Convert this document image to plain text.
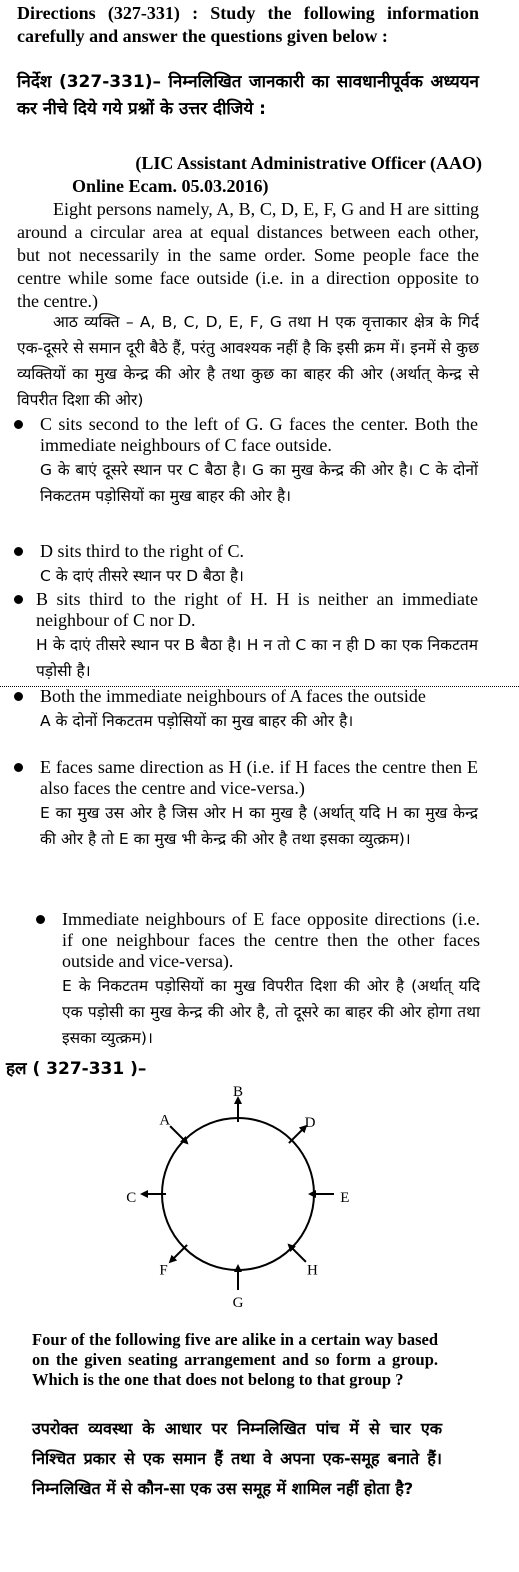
Directions (327-331) : Study the following information carefully and answer the questions given below :
निर्देश (327-331)– निम्नलिखित जानकारी का सावधानीपूर्वक अध्ययन कर नीचे दिये गये प्रश्नों के उत्तर दीजिये :
(LIC Assistant Administrative Officer (AAO)
Online Ecam. 05.03.2016)
Eight persons namely, A, B, C, D, E, F, G and H are sitting around a circular area at equal distances between each other, but not necessarily in the same order. Some people face the centre while some face outside (i.e. in a direction opposite to the centre.)
आठ व्यक्ति – A, B, C, D, E, F, G तथा H एक वृत्ताकार क्षेत्र के गिर्द एक-दूसरे से समान दूरी बैठे हैं, परंतु आवश्यक नहीं है कि इसी क्रम में। इनमें से कुछ व्यक्तियों का मुख केन्द्र की ओर है तथा कुछ का बाहर की ओर (अर्थात् केन्द्र से विपरीत दिशा की ओर)
C sits second to the left of G. G faces the center. Both the immediate neighbours of C face outside.
G के बाएं दूसरे स्थान पर C बैठा है। G का मुख केन्द्र की ओर है। C के दोनों निकटतम पड़ोसियों का मुख बाहर की ओर है।
D sits third to the right of C.
C के दाएं तीसरे स्थान पर D बैठा है।
B sits third to the right of H. H is neither an immediate neighbour of C nor D.
H के दाएं तीसरे स्थान पर B बैठा है। H न तो C का न ही D का एक निकटतम पड़ोसी है।
Both the immediate neighbours of A faces the outside
A के दोनों निकटतम पड़ोसियों का मुख बाहर की ओर है।
E faces same direction as H (i.e. if H faces the centre then E also faces the centre and vice-versa.)
E का मुख उस ओर है जिस ओर H का मुख है (अर्थात् यदि H का मुख केन्द्र की ओर है तो E का मुख भी केन्द्र की ओर है तथा इसका व्युत्क्रम)।
Immediate neighbours of E face opposite directions (i.e. if one neighbour faces the centre then the other faces outside and vice-versa).
E के निकटतम पड़ोसियों का मुख विपरीत दिशा की ओर है (अर्थात् यदि एक पड़ोसी का मुख केन्द्र की ओर है, तो दूसरे का बाहर की ओर होगा तथा इसका व्युत्क्रम)।
हल ( 327-331 )–
B
D
E
H
G
F
C
A
Four of the following five are alike in a certain way based on the given seating arrangement and so form a group. Which is the one that does not belong to that group ?
उपरोक्त व्यवस्था के आधार पर निम्नलिखित पांच में से चार एक निश्चित प्रकार से एक समान हैं तथा वे अपना एक-समूह बनाते हैं। निम्नलिखित में से कौन-सा एक उस समूह में शामिल नहीं होता है?
